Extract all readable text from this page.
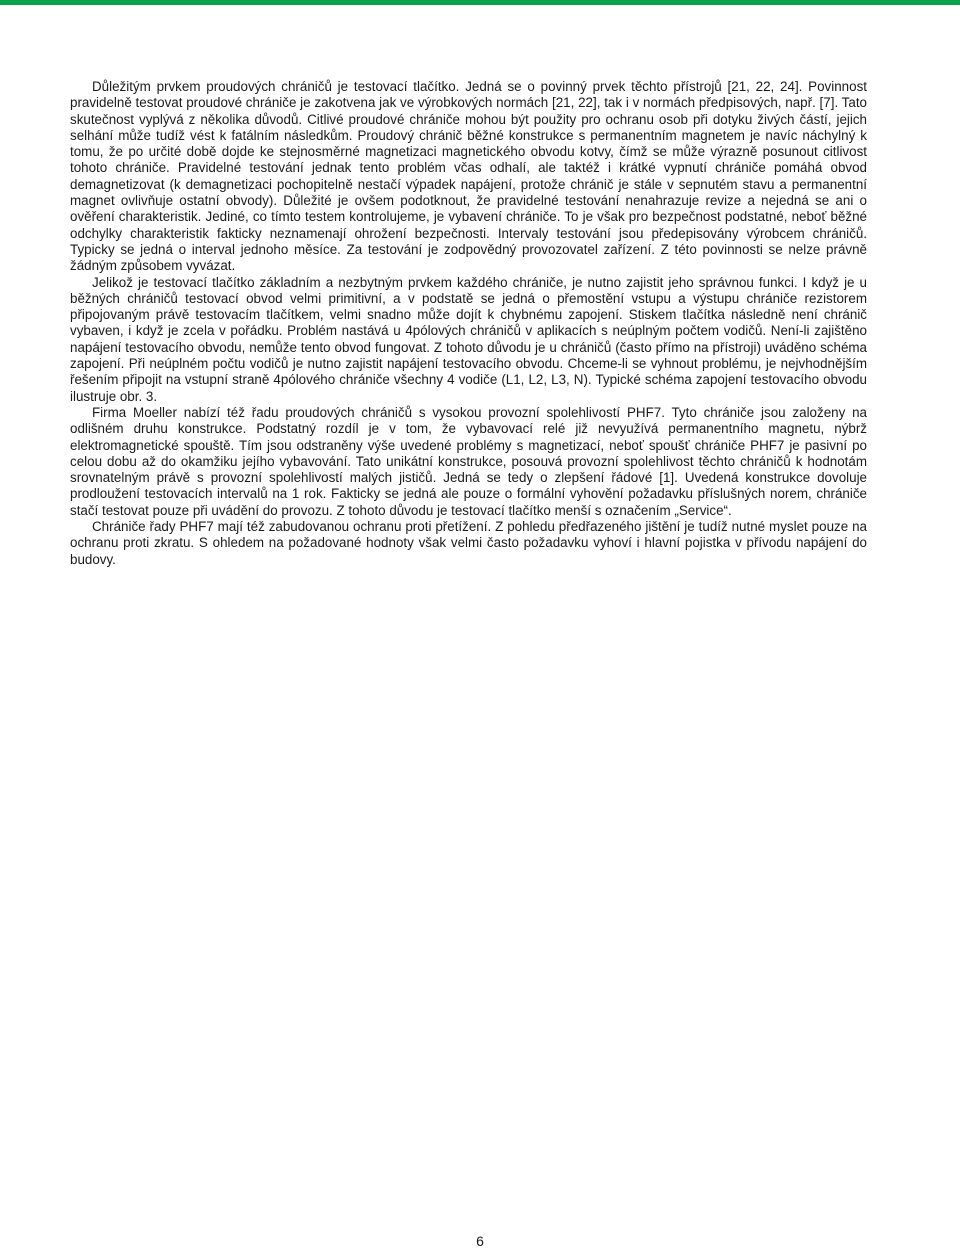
Důležitým prvkem proudových chráničů je testovací tlačítko. Jedná se o povinný prvek těchto přístrojů [21, 22, 24]. Povinnost pravidelně testovat proudové chrániče je zakotvena jak ve výrobkových normách [21, 22], tak i v normách předpisových, např. [7]. Tato skutečnost vyplývá z několika důvodů. Citlivé proudové chrániče mohou být použity pro ochranu osob při dotyku živých částí, jejich selhání může tudíž vést k fatálním následkům. Proudový chránič běžné konstrukce s permanentním magnetem je navíc náchylný k tomu, že po určité době dojde ke stejnosměrné magnetizaci magnetického obvodu kotvy, čímž se může výrazně posunout citlivost tohoto chrániče. Pravidelné testování jednak tento problém včas odhalí, ale taktéž i krátké vypnutí chrániče pomáhá obvod demagnetizovat (k demagnetizaci pochopitelně nestačí výpadek napájení, protože chránič je stále v sepnutém stavu a permanentní magnet ovlivňuje ostatní obvody). Důležité je ovšem podotknout, že pravidelné testování nenahrazuje revize a nejedná se ani o ověření charakteristik. Jediné, co tímto testem kontrolujeme, je vybavení chrániče. To je však pro bezpečnost podstatné, neboť běžné odchylky charakteristik fakticky neznamenají ohrožení bezpečnosti. Intervaly testování jsou předepisovány výrobcem chráničů. Typicky se jedná o interval jednoho měsíce. Za testování je zodpovědný provozovatel zařízení. Z této povinnosti se nelze právně žádným způsobem vyvázat.

Jelikož je testovací tlačítko základním a nezbytným prvkem každého chrániče, je nutno zajistit jeho správnou funkci. I když je u běžných chráničů testovací obvod velmi primitivní, a v podstatě se jedná o přemostění vstupu a výstupu chrániče rezistorem připojovaným právě testovacím tlačítkem, velmi snadno může dojít k chybnému zapojení. Stiskem tlačítka následně není chránič vybaven, i když je zcela v pořádku. Problém nastává u 4pólových chráničů v aplikacích s neúplným počtem vodičů. Není-li zajištěno napájení testovacího obvodu, nemůže tento obvod fungovat. Z tohoto důvodu je u chráničů (často přímo na přístroji) uváděno schéma zapojení. Při neúplném počtu vodičů je nutno zajistit napájení testovacího obvodu. Chceme-li se vyhnout problému, je nejvhodnějším řešením připojit na vstupní straně 4pólového chrániče všechny 4 vodiče (L1, L2, L3, N). Typické schéma zapojení testovacího obvodu ilustruje obr. 3.

Firma Moeller nabízí též řadu proudových chráničů s vysokou provozní spolehlivostí PHF7. Tyto chrániče jsou založeny na odlišném druhu konstrukce. Podstatný rozdíl je v tom, že vybavovací relé již nevyužívá permanentního magnetu, nýbrž elektromagnetické spouště. Tím jsou odstraněny výše uvedené problémy s magnetizací, neboť spoušť chrániče PHF7 je pasivní po celou dobu až do okamžiku jejího vybavování. Tato unikátní konstrukce, posouvá provozní spolehlivost těchto chráničů k hodnotám srovnatelným právě s provozní spolehlivostí malých jističů. Jedná se tedy o zlepšení řádové [1]. Uvedená konstrukce dovoluje prodloužení testovacích intervalů na 1 rok. Fakticky se jedná ale pouze o formální vyhovění požadavku příslušných norem, chrániče stačí testovat pouze při uvádění do provozu. Z tohoto důvodu je testovací tlačítko menší s označením „Service“.

Chrániče řady PHF7 mají též zabudovanou ochranu proti přetížení. Z pohledu předřazeného jištění je tudíž nutné myslet pouze na ochranu proti zkratu. S ohledem na požadované hodnoty však velmi často požadavku vyhoví i hlavní pojistka v přívodu napájení do budovy.

6
